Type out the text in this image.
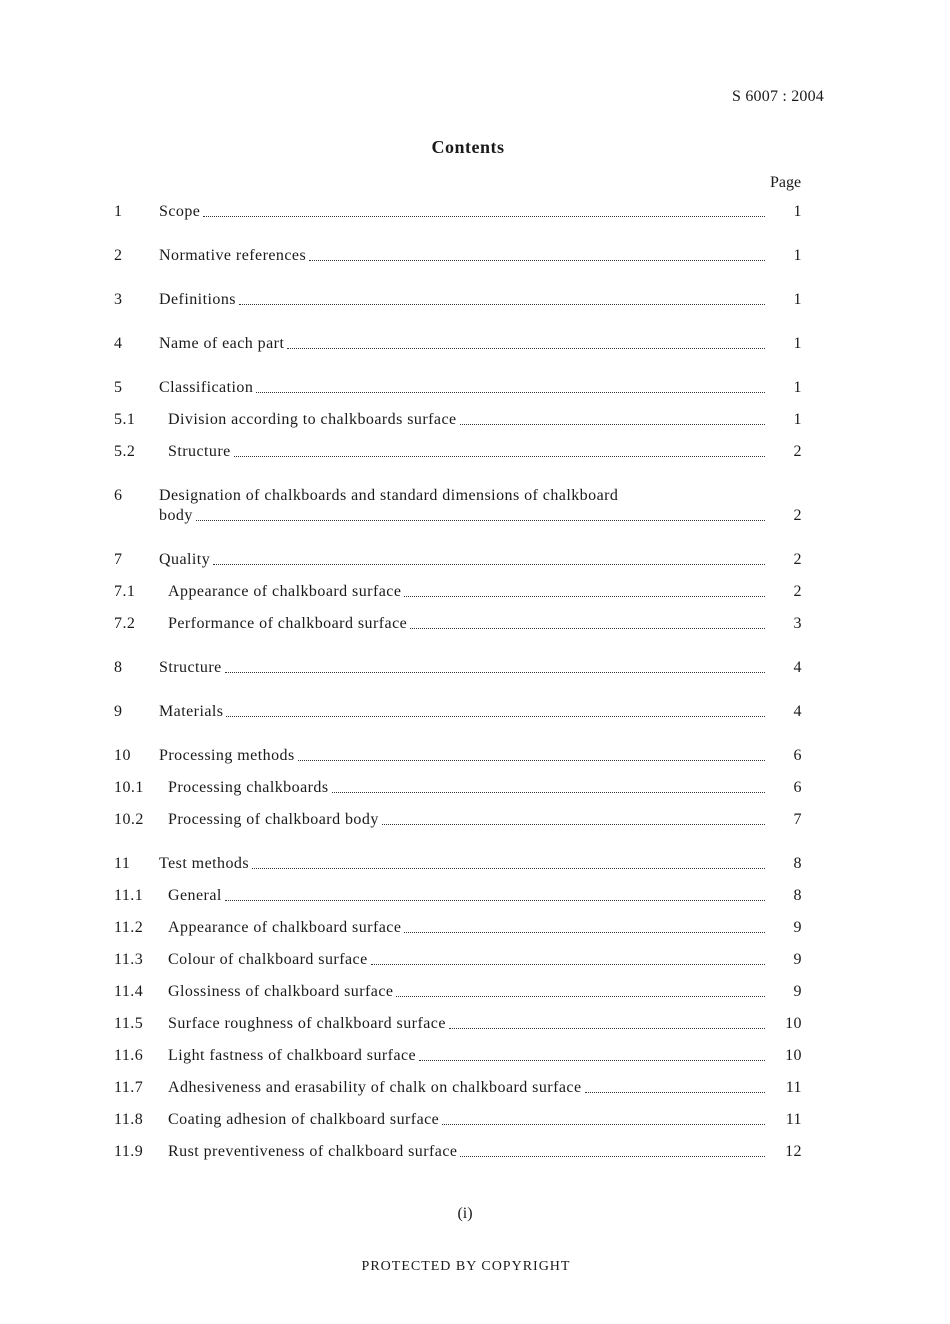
S 6007 : 2004
Contents
Page
1 Scope	1
2 Normative references	1
3 Definitions	1
4 Name of each part	1
5 Classification	1
5.1 Division according to chalkboards surface	1
5.2 Structure	2
6 Designation of chalkboards and standard dimensions of chalkboard
body	2
7 Quality	2
7.1 Appearance of chalkboard surface	2
7.2 Performance of chalkboard surface	3
8 Structure	4
9 Materials	4
10 Processing methods	6
10.1 Processing chalkboards	6
10.2 Processing of chalkboard body	7
11 Test methods	8
11.1 General	8
11.2 Appearance of chalkboard surface	9
11.3 Colour of chalkboard surface	9
11.4 Glossiness of chalkboard surface	9
11.5 Surface roughness of chalkboard surface	10
11.6 Light fastness of chalkboard surface	10
11.7 Adhesiveness and erasability of chalk on chalkboard surface	11
11.8 Coating adhesion of chalkboard surface	11
11.9 Rust preventiveness of chalkboard surface	12
(i)
PROTECTED BY COPYRIGHT
